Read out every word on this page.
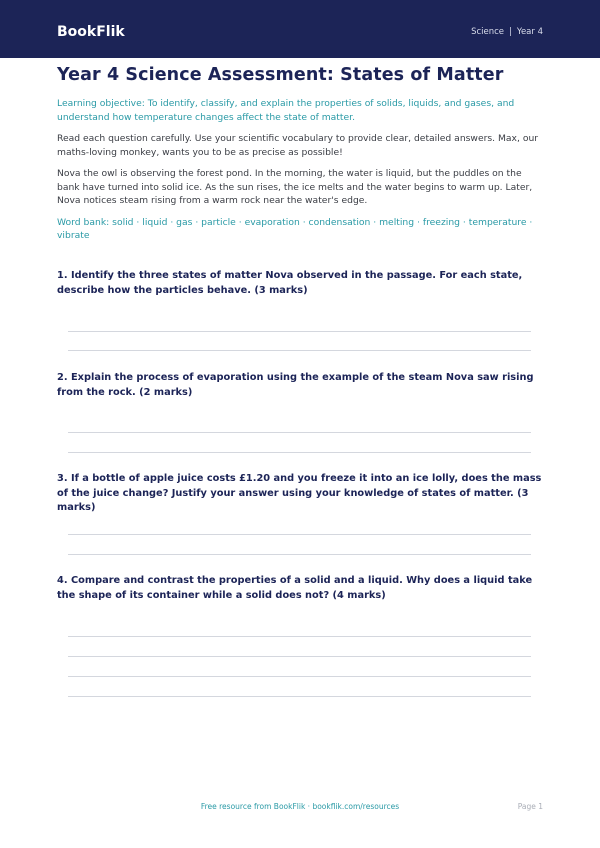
BookFlik	Science | Year 4
Year 4 Science Assessment: States of Matter

Learning objective: To identify, classify, and explain the properties of solids, liquids, and gases, and understand how temperature changes affect the state of matter.

Read each question carefully. Use your scientific vocabulary to provide clear, detailed answers. Max, our maths-loving monkey, wants you to be as precise as possible!

Nova the owl is observing the forest pond. In the morning, the water is liquid, but the puddles on the bank have turned into solid ice. As the sun rises, the ice melts and the water begins to warm up. Later, Nova notices steam rising from a warm rock near the water's edge.

Word bank: solid · liquid · gas · particle · evaporation · condensation · melting · freezing · temperature · vibrate

1. Identify the three states of matter Nova observed in the passage. For each state, describe how the particles behave. (3 marks)

2. Explain the process of evaporation using the example of the steam Nova saw rising from the rock. (2 marks)

3. If a bottle of apple juice costs £1.20 and you freeze it into an ice lolly, does the mass of the juice change? Justify your answer using your knowledge of states of matter. (3 marks)

4. Compare and contrast the properties of a solid and a liquid. Why does a liquid take the shape of its container while a solid does not? (4 marks)

Free resource from BookFlik · bookflik.com/resources	Page 1
